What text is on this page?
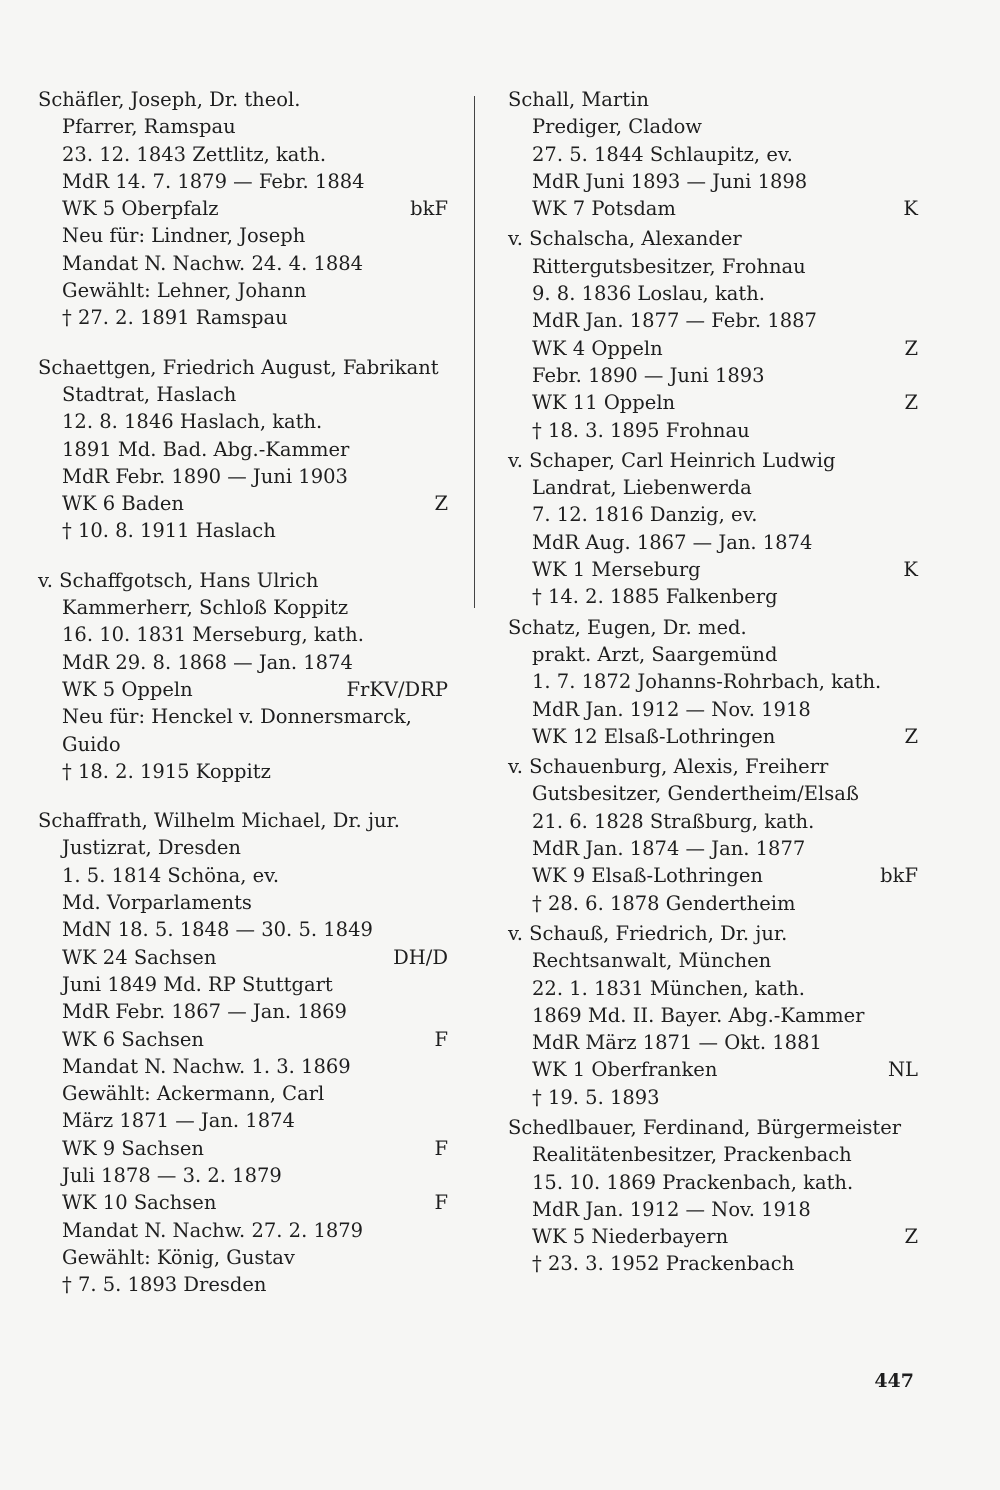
Schäfler, Joseph, Dr. theol.
Pfarrer, Ramspau
23. 12. 1843 Zettlitz, kath.
MdR 14. 7. 1879 — Febr. 1884
WK 5 Oberpfalz	bkF
Neu für: Lindner, Joseph
Mandat N. Nachw. 24. 4. 1884
Gewählt: Lehner, Johann
† 27. 2. 1891 Ramspau
Schaettgen, Friedrich August, Fabrikant
Stadtrat, Haslach
12. 8. 1846 Haslach, kath.
1891 Md. Bad. Abg.-Kammer
MdR Febr. 1890 — Juni 1903
WK 6 Baden	Z
† 10. 8. 1911 Haslach
v. Schaffgotsch, Hans Ulrich
Kammerherr, Schloß Koppitz
16. 10. 1831 Merseburg, kath.
MdR 29. 8. 1868 — Jan. 1874
WK 5 Oppeln	FrKV/DRP
Neu für: Henckel v. Donnersmarck,
Guido
† 18. 2. 1915 Koppitz
Schaffrath, Wilhelm Michael, Dr. jur.
Justizrat, Dresden
1. 5. 1814 Schöna, ev.
Md. Vorparlaments
MdN 18. 5. 1848 — 30. 5. 1849
WK 24 Sachsen	DH/D
Juni 1849 Md. RP Stuttgart
MdR Febr. 1867 — Jan. 1869
WK 6 Sachsen	F
Mandat N. Nachw. 1. 3. 1869
Gewählt: Ackermann, Carl
März 1871 — Jan. 1874
WK 9 Sachsen	F
Juli 1878 — 3. 2. 1879
WK 10 Sachsen	F
Mandat N. Nachw. 27. 2. 1879
Gewählt: König, Gustav
† 7. 5. 1893 Dresden
Schall, Martin
Prediger, Cladow
27. 5. 1844 Schlaupitz, ev.
MdR Juni 1893 — Juni 1898
WK 7 Potsdam	K
v. Schalscha, Alexander
Rittergutsbesitzer, Frohnau
9. 8. 1836 Loslau, kath.
MdR Jan. 1877 — Febr. 1887
WK 4 Oppeln	Z
Febr. 1890 — Juni 1893
WK 11 Oppeln	Z
† 18. 3. 1895 Frohnau
v. Schaper, Carl Heinrich Ludwig
Landrat, Liebenwerda
7. 12. 1816 Danzig, ev.
MdR Aug. 1867 — Jan. 1874
WK 1 Merseburg	K
† 14. 2. 1885 Falkenberg
Schatz, Eugen, Dr. med.
prakt. Arzt, Saargemünd
1. 7. 1872 Johanns-Rohrbach, kath.
MdR Jan. 1912 — Nov. 1918
WK 12 Elsaß-Lothringen	Z
v. Schauenburg, Alexis, Freiherr
Gutsbesitzer, Gendertheim/Elsaß
21. 6. 1828 Straßburg, kath.
MdR Jan. 1874 — Jan. 1877
WK 9 Elsaß-Lothringen	bkF
† 28. 6. 1878 Gendertheim
v. Schauß, Friedrich, Dr. jur.
Rechtsanwalt, München
22. 1. 1831 München, kath.
1869 Md. II. Bayer. Abg.-Kammer
MdR März 1871 — Okt. 1881
WK 1 Oberfranken	NL
† 19. 5. 1893
Schedlbauer, Ferdinand, Bürgermeister
Realitätenbesitzer, Prackenbach
15. 10. 1869 Prackenbach, kath.
MdR Jan. 1912 — Nov. 1918
WK 5 Niederbayern	Z
† 23. 3. 1952 Prackenbach
447
